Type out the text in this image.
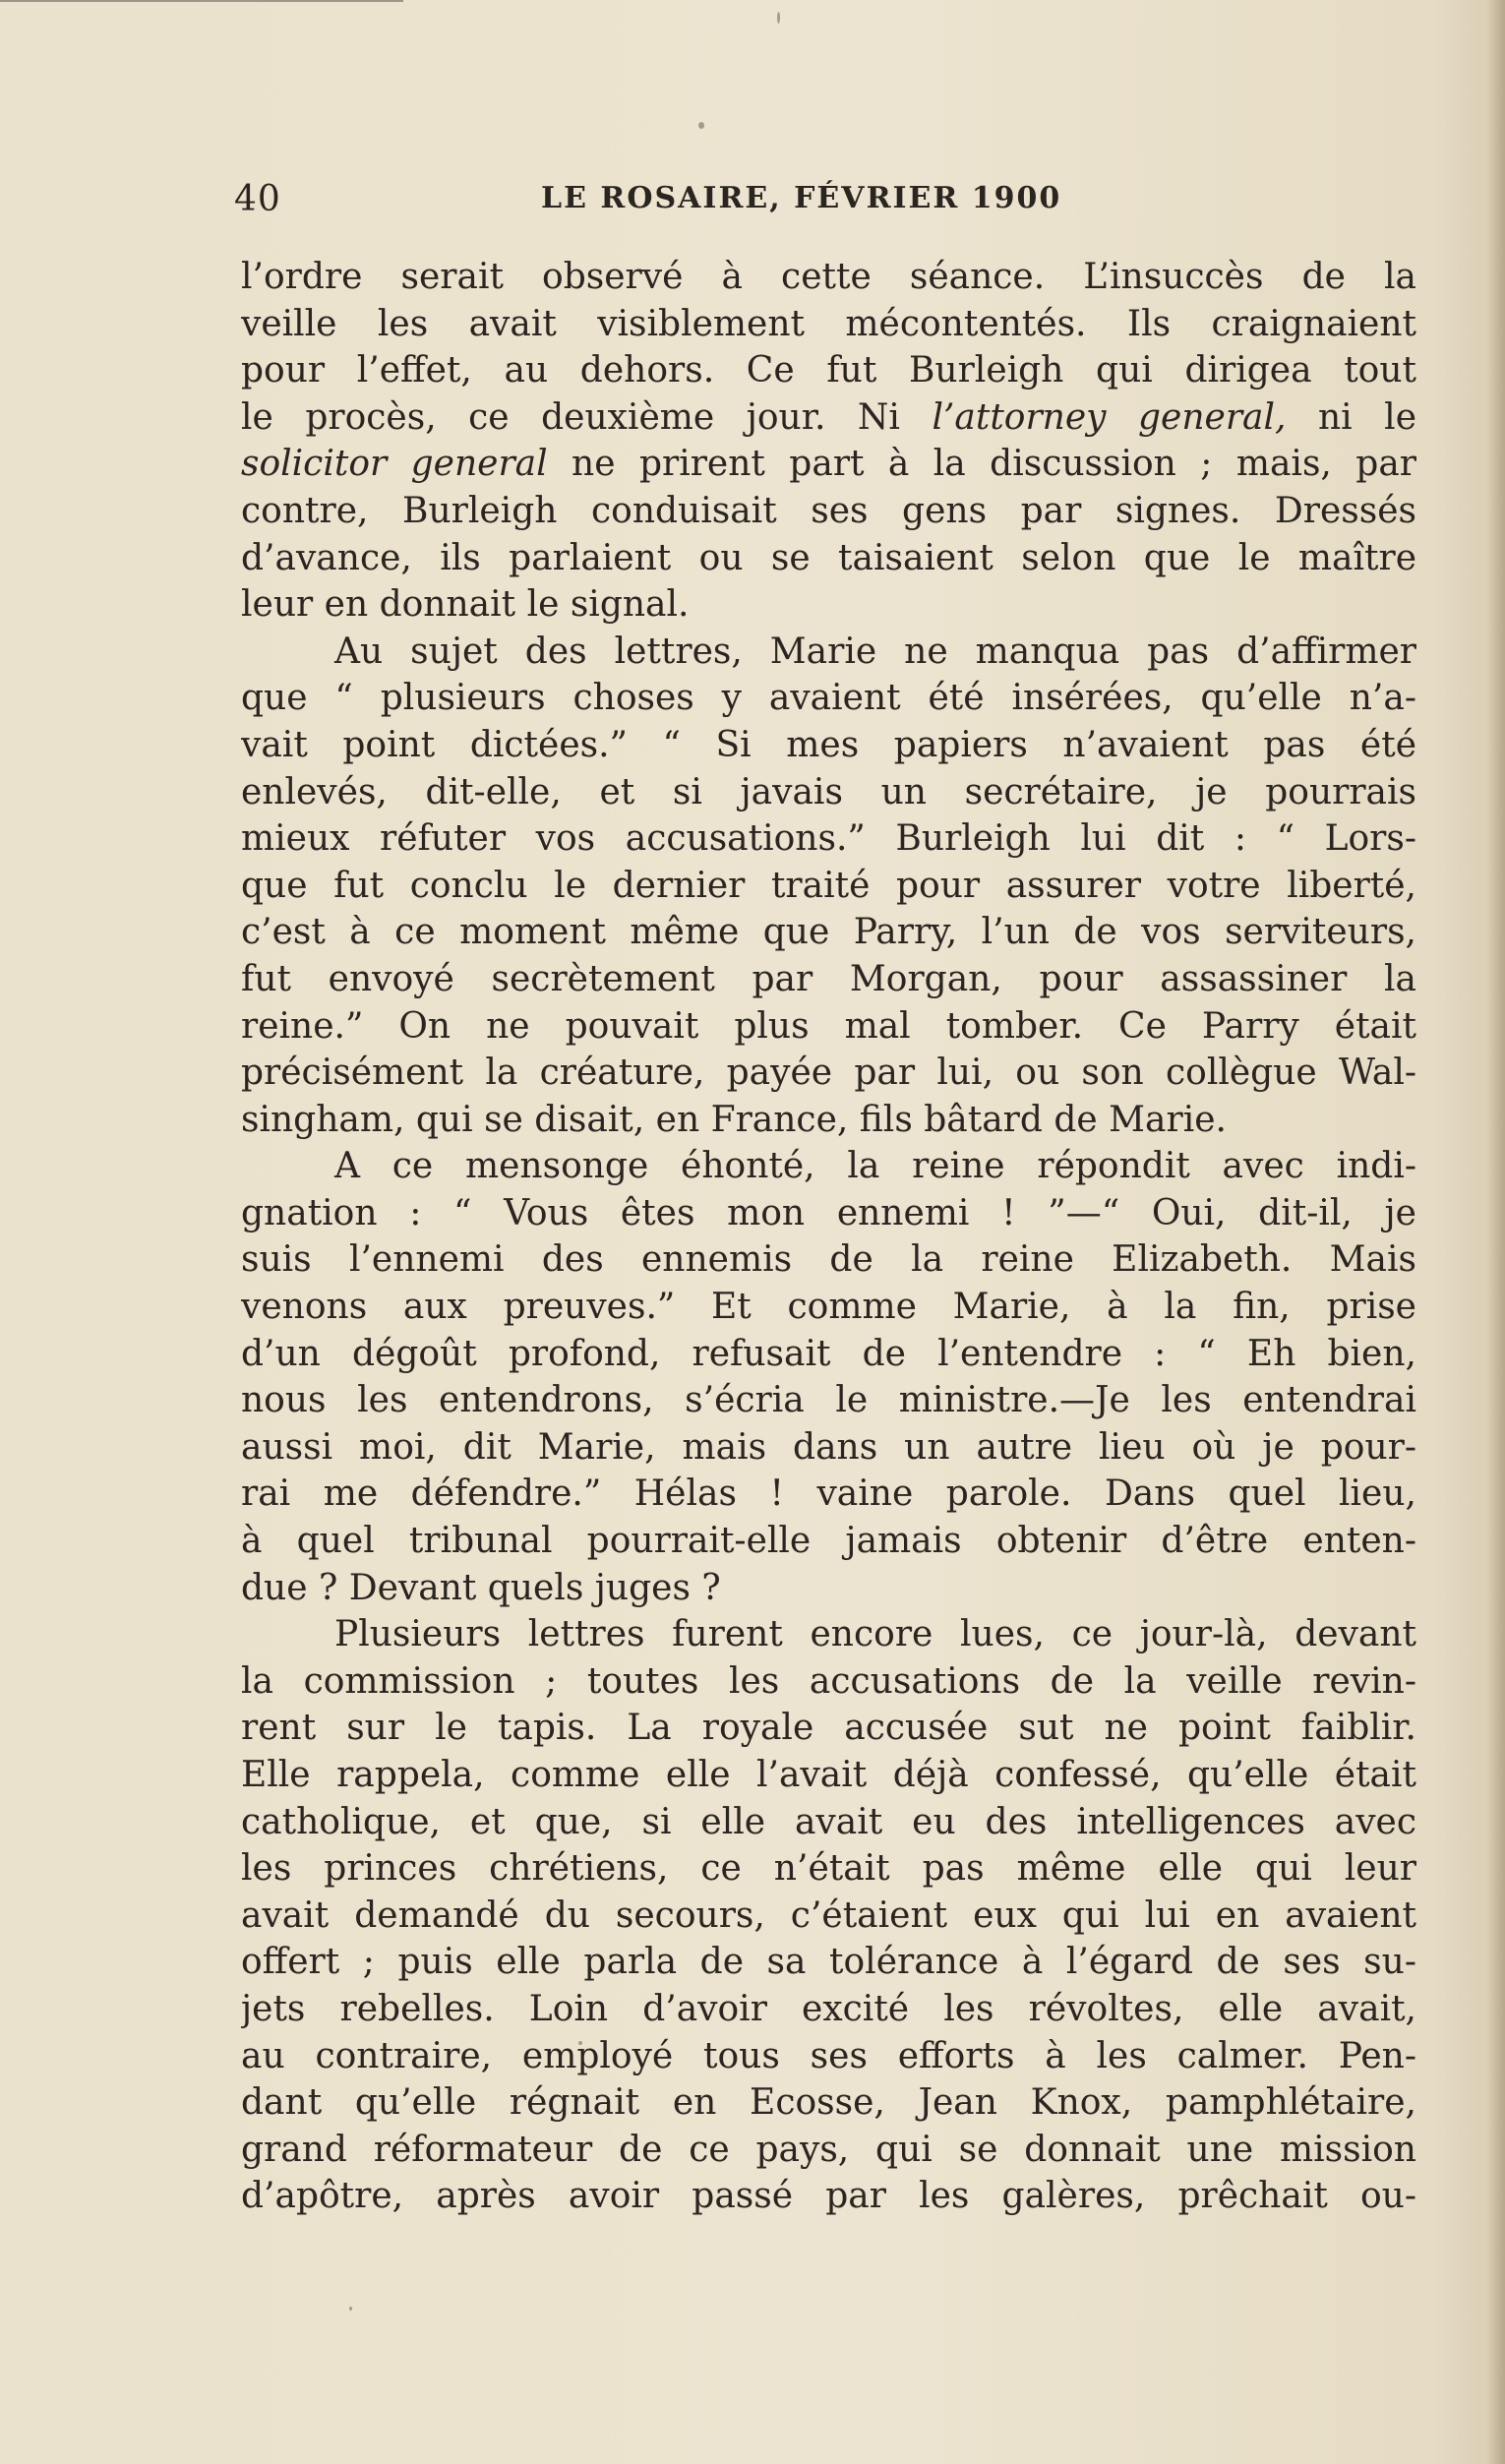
40	LE ROSAIRE, FÉVRIER 1900
l’ordre serait observé à cette séance. L’insuccès de la
veille les avait visiblement mécontentés. Ils craignaient
pour l’effet, au dehors. Ce fut Burleigh qui dirigea tout
le procès, ce deuxième jour. Ni l’attorney general, ni le
solicitor general ne prirent part à la discussion ; mais, par
contre, Burleigh conduisait ses gens par signes. Dressés
d’avance, ils parlaient ou se taisaient selon que le maître
leur en donnait le signal.
Au sujet des lettres, Marie ne manqua pas d’affirmer
que “ plusieurs choses y avaient été insérées, qu’elle n’a-
vait point dictées.” “ Si mes papiers n’avaient pas été
enlevés, dit-elle, et si javais un secrétaire, je pourrais
mieux réfuter vos accusations.” Burleigh lui dit : “ Lors-
que fut conclu le dernier traité pour assurer votre liberté,
c’est à ce moment même que Parry, l’un de vos serviteurs,
fut envoyé secrètement par Morgan, pour assassiner la
reine.” On ne pouvait plus mal tomber. Ce Parry était
précisément la créature, payée par lui, ou son collègue Wal-
singham, qui se disait, en France, fils bâtard de Marie.
A ce mensonge éhonté, la reine répondit avec indi-
gnation : “ Vous êtes mon ennemi ! ”—“ Oui, dit-il, je
suis l’ennemi des ennemis de la reine Elizabeth. Mais
venons aux preuves.” Et comme Marie, à la fin, prise
d’un dégoût profond, refusait de l’entendre : “ Eh bien,
nous les entendrons, s’écria le ministre.—Je les entendrai
aussi moi, dit Marie, mais dans un autre lieu où je pour-
rai me défendre.” Hélas ! vaine parole. Dans quel lieu,
à quel tribunal pourrait-elle jamais obtenir d’être enten-
due ? Devant quels juges ?
Plusieurs lettres furent encore lues, ce jour-là, devant
la commission ; toutes les accusations de la veille revin-
rent sur le tapis. La royale accusée sut ne point faiblir.
Elle rappela, comme elle l’avait déjà confessé, qu’elle était
catholique, et que, si elle avait eu des intelligences avec
les princes chrétiens, ce n’était pas même elle qui leur
avait demandé du secours, c’étaient eux qui lui en avaient
offert ; puis elle parla de sa tolérance à l’égard de ses su-
jets rebelles. Loin d’avoir excité les révoltes, elle avait,
au contraire, employé tous ses efforts à les calmer. Pen-
dant qu’elle régnait en Ecosse, Jean Knox, pamphlétaire,
grand réformateur de ce pays, qui se donnait une mission
d’apôtre, après avoir passé par les galères, prêchait ou-
